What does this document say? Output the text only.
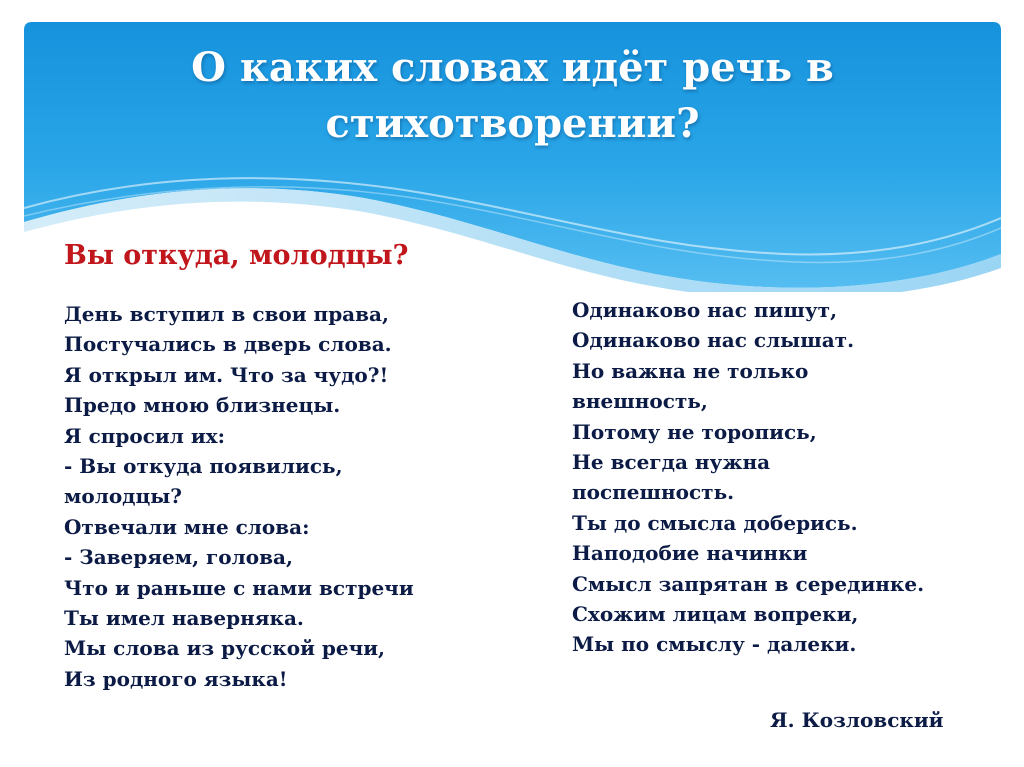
О каких словах идёт речь в стихотворении?
Вы откуда, молодцы?
День вступил в свои права,
Постучались в дверь слова.
Я открыл им. Что за чудо?!
Предо мною близнецы.
Я спросил их:
- Вы откуда появились,
молодцы?
Отвечали мне слова:
- Заверяем, голова,
Что и раньше с нами встречи
Ты имел наверняка.
Мы слова из русской речи,
Из родного языка!
Одинаково нас пишут,
Одинаково нас слышат.
Но важна не только
внешность,
Потому не торопись,
Не всегда нужна
поспешность.
Ты до смысла доберись.
Наподобие начинки
Смысл запрятан в серединке.
Схожим лицам вопреки,
Мы по смыслу - далеки.

Я. Козловский
